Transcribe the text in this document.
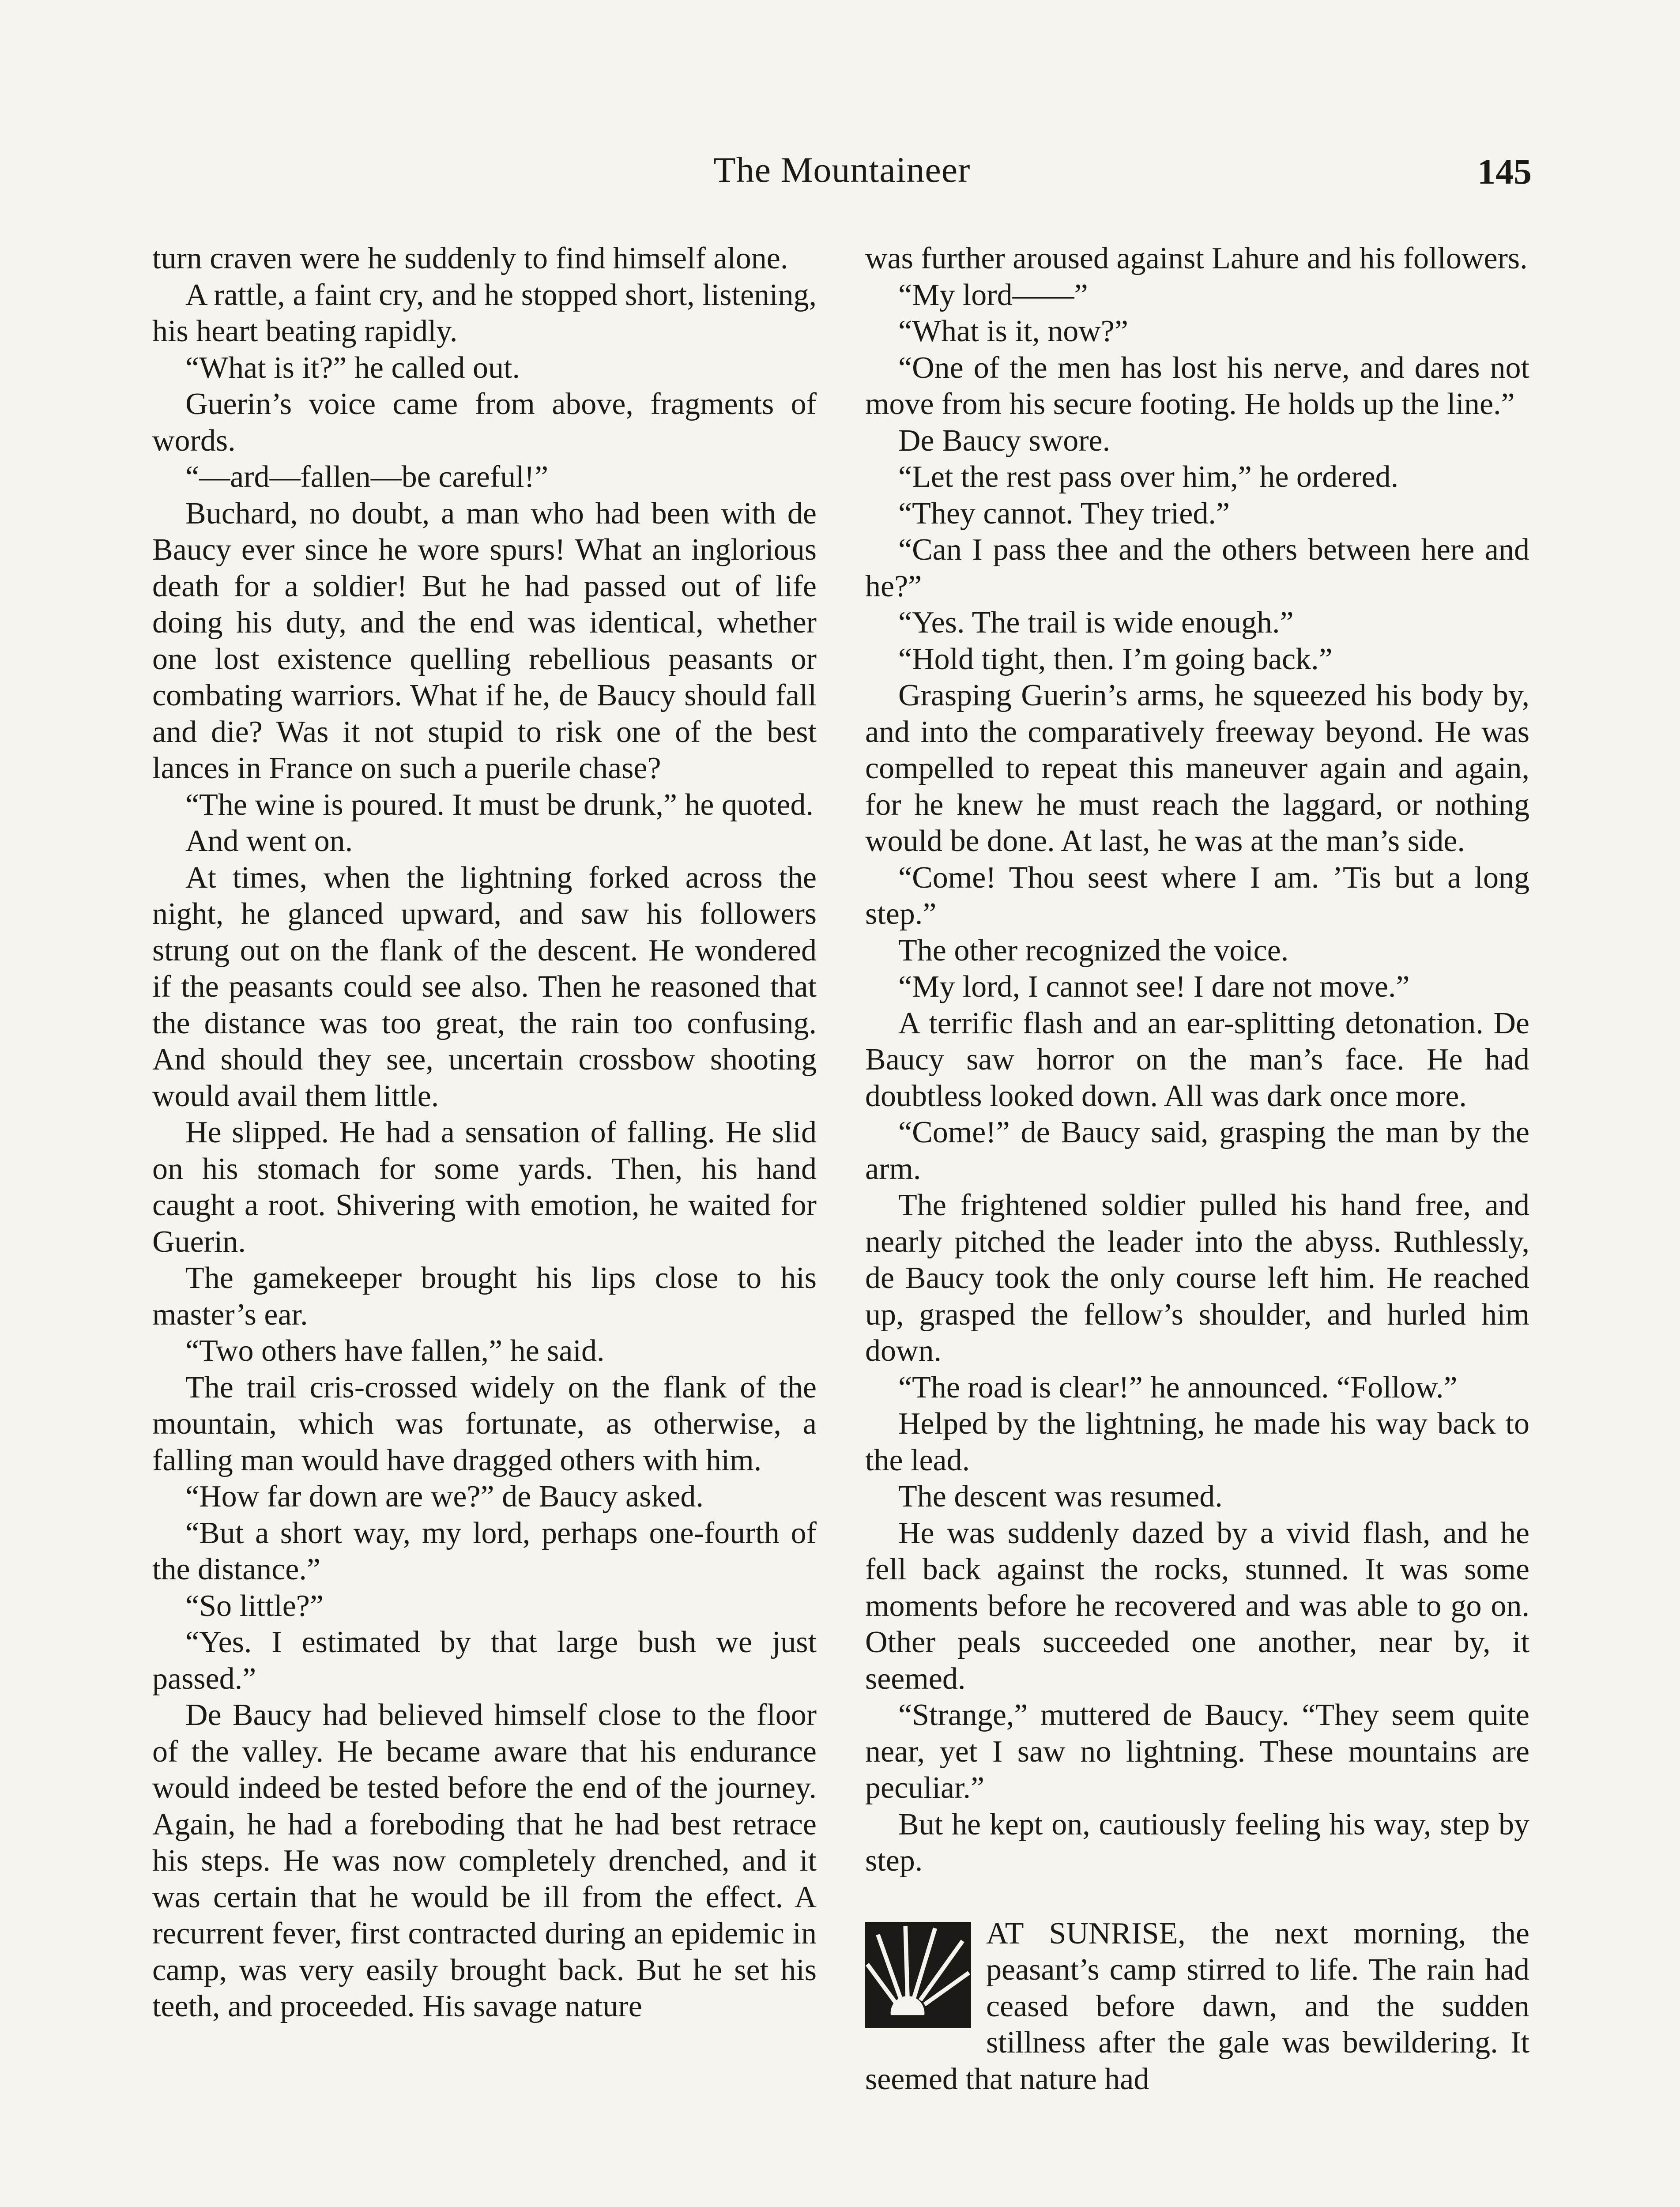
The Mountaineer	145

turn craven were he suddenly to find himself alone.

A rattle, a faint cry, and he stopped short, listening, his heart beating rapidly.

“What is it?” he called out.

Guerin’s voice came from above, fragments of words.

“—ard—fallen—be careful!”

Buchard, no doubt, a man who had been with de Baucy ever since he wore spurs! What an inglorious death for a soldier! But he had passed out of life doing his duty, and the end was identical, whether one lost existence quelling rebellious peasants or combating warriors. What if he, de Baucy should fall and die? Was it not stupid to risk one of the best lances in France on such a puerile chase?

“The wine is poured. It must be drunk,” he quoted.

And went on.

At times, when the lightning forked across the night, he glanced upward, and saw his followers strung out on the flank of the descent. He wondered if the peasants could see also. Then he reasoned that the distance was too great, the rain too confusing. And should they see, uncertain crossbow shooting would avail them little.

He slipped. He had a sensation of falling. He slid on his stomach for some yards. Then, his hand caught a root. Shivering with emotion, he waited for Guerin.

The gamekeeper brought his lips close to his master’s ear.

“Two others have fallen,” he said.

The trail cris-crossed widely on the flank of the mountain, which was fortunate, as otherwise, a falling man would have dragged others with him.

“How far down are we?” de Baucy asked.

“But a short way, my lord, perhaps one-fourth of the distance.”

“So little?”

“Yes. I estimated by that large bush we just passed.”

De Baucy had believed himself close to the floor of the valley. He became aware that his endurance would indeed be tested before the end of the journey. Again, he had a foreboding that he had best retrace his steps. He was now completely drenched, and it was certain that he would be ill from the effect. A recurrent fever, first contracted during an epidemic in camp, was very easily brought back. But he set his teeth, and proceeded. His savage nature

was further aroused against Lahure and his followers.

“My lord——”

“What is it, now?”

“One of the men has lost his nerve, and dares not move from his secure footing. He holds up the line.”

De Baucy swore.

“Let the rest pass over him,” he ordered.

“They cannot. They tried.”

“Can I pass thee and the others between here and he?”

“Yes. The trail is wide enough.”

“Hold tight, then. I’m going back.”

Grasping Guerin’s arms, he squeezed his body by, and into the comparatively freeway beyond. He was compelled to repeat this maneuver again and again, for he knew he must reach the laggard, or nothing would be done. At last, he was at the man’s side.

“Come! Thou seest where I am. ’Tis but a long step.”

The other recognized the voice.

“My lord, I cannot see! I dare not move.”

A terrific flash and an ear-splitting detonation. De Baucy saw horror on the man’s face. He had doubtless looked down. All was dark once more.

“Come!” de Baucy said, grasping the man by the arm.

The frightened soldier pulled his hand free, and nearly pitched the leader into the abyss. Ruthlessly, de Baucy took the only course left him. He reached up, grasped the fellow’s shoulder, and hurled him down.

“The road is clear!” he announced. “Follow.”

Helped by the lightning, he made his way back to the lead.

The descent was resumed.

He was suddenly dazed by a vivid flash, and he fell back against the rocks, stunned. It was some moments before he recovered and was able to go on. Other peals succeeded one another, near by, it seemed.

“Strange,” muttered de Baucy. “They seem quite near, yet I saw no lightning. These mountains are peculiar.”

But he kept on, cautiously feeling his way, step by step.

AT SUNRISE, the next morning, the peasant’s camp stirred to life. The rain had ceased before dawn, and the sudden stillness after the gale was bewildering. It seemed that nature had
